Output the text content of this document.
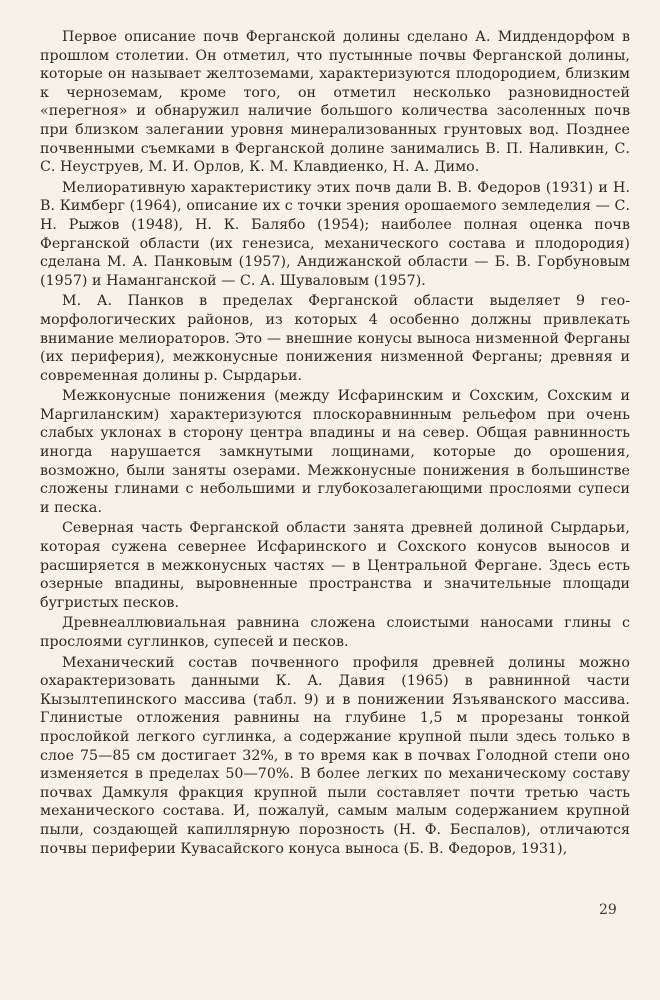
Первое описание почв Ферганской долины сделано А. Миддендорфом в прошлом столетии. Он отметил, что пустынные почвы Ферганской долины, которые он называет желтоземами, характеризуются плодородием, близким к черноземам, кроме того, он отметил несколько разновидностей «перегноя» и обнаружил наличие большого количества засоленных почв при близком залегании уровня минерализованных грунтовых вод. Позднее почвенными съемками в Ферганской долине занимались В. П. Наливкин, С. С. Неуструев, М. И. Орлов, К. М. Клавдиенко, Н. А. Димо.

Мелиоративную характеристику этих почв дали В. В. Федоров (1931) и Н. В. Кимберг (1964), описание их с точки зрения орошаемого земледелия — С. Н. Рыжов (1948), Н. К. Балябо (1954); наиболее полная оценка почв Ферганской области (их генезиса, механического состава и плодородия) сделана М. А. Панковым (1957), Андижанской области — Б. В. Горбуновым (1957) и Наманганской — С. А. Шуваловым (1957).

М. А. Панков в пределах Ферганской области выделяет 9 геоморфологических районов, из которых 4 особенно должны привлекать внимание мелиораторов. Это — внешние конусы выноса низменной Ферганы (их периферия), межконусные понижения низменной Ферганы; древняя и современная долины р. Сырдарьи.

Межконусные понижения (между Исфаринским и Сохским, Сохским и Маргиланским) характеризуются плоскоравнинным рельефом при очень слабых уклонах в сторону центра впадины и на север. Общая равнинность иногда нарушается замкнутыми лощинами, которые до орошения, возможно, были заняты озерами. Межконусные понижения в большинстве сложены глинами с небольшими и глубокозалегающими прослоями супеси и песка.

Северная часть Ферганской области занята древней долиной Сырдарьи, которая сужена севернее Исфаринского и Сохского конусов выносов и расширяется в межконусных частях — в Центральной Фергане. Здесь есть озерные впадины, выровненные пространства и значительные площади бугристых песков.

Древнеаллювиальная равнина сложена слоистыми наносами глины с прослоями суглинков, супесей и песков.

Механический состав почвенного профиля древней долины можно охарактеризовать данными К. А. Давия (1965) в равнинной части Кызылтепинского массива (табл. 9) и в понижении Язъяванского массива. Глинистые отложения равнины на глубине 1,5 м прорезаны тонкой прослойкой легкого суглинка, а содержание крупной пыли здесь только в слое 75—85 см достигает 32%, в то время как в почвах Голодной степи оно изменяется в пределах 50—70%. В более легких по механическому составу почвах Дамкуля фракция крупной пыли составляет почти третью часть механического состава. И, пожалуй, самым малым содержанием крупной пыли, создающей капиллярную порозность (Н. Ф. Беспалов), отличаются почвы периферии Кувасайского конуса выноса (Б. В. Федоров, 1931),

29
